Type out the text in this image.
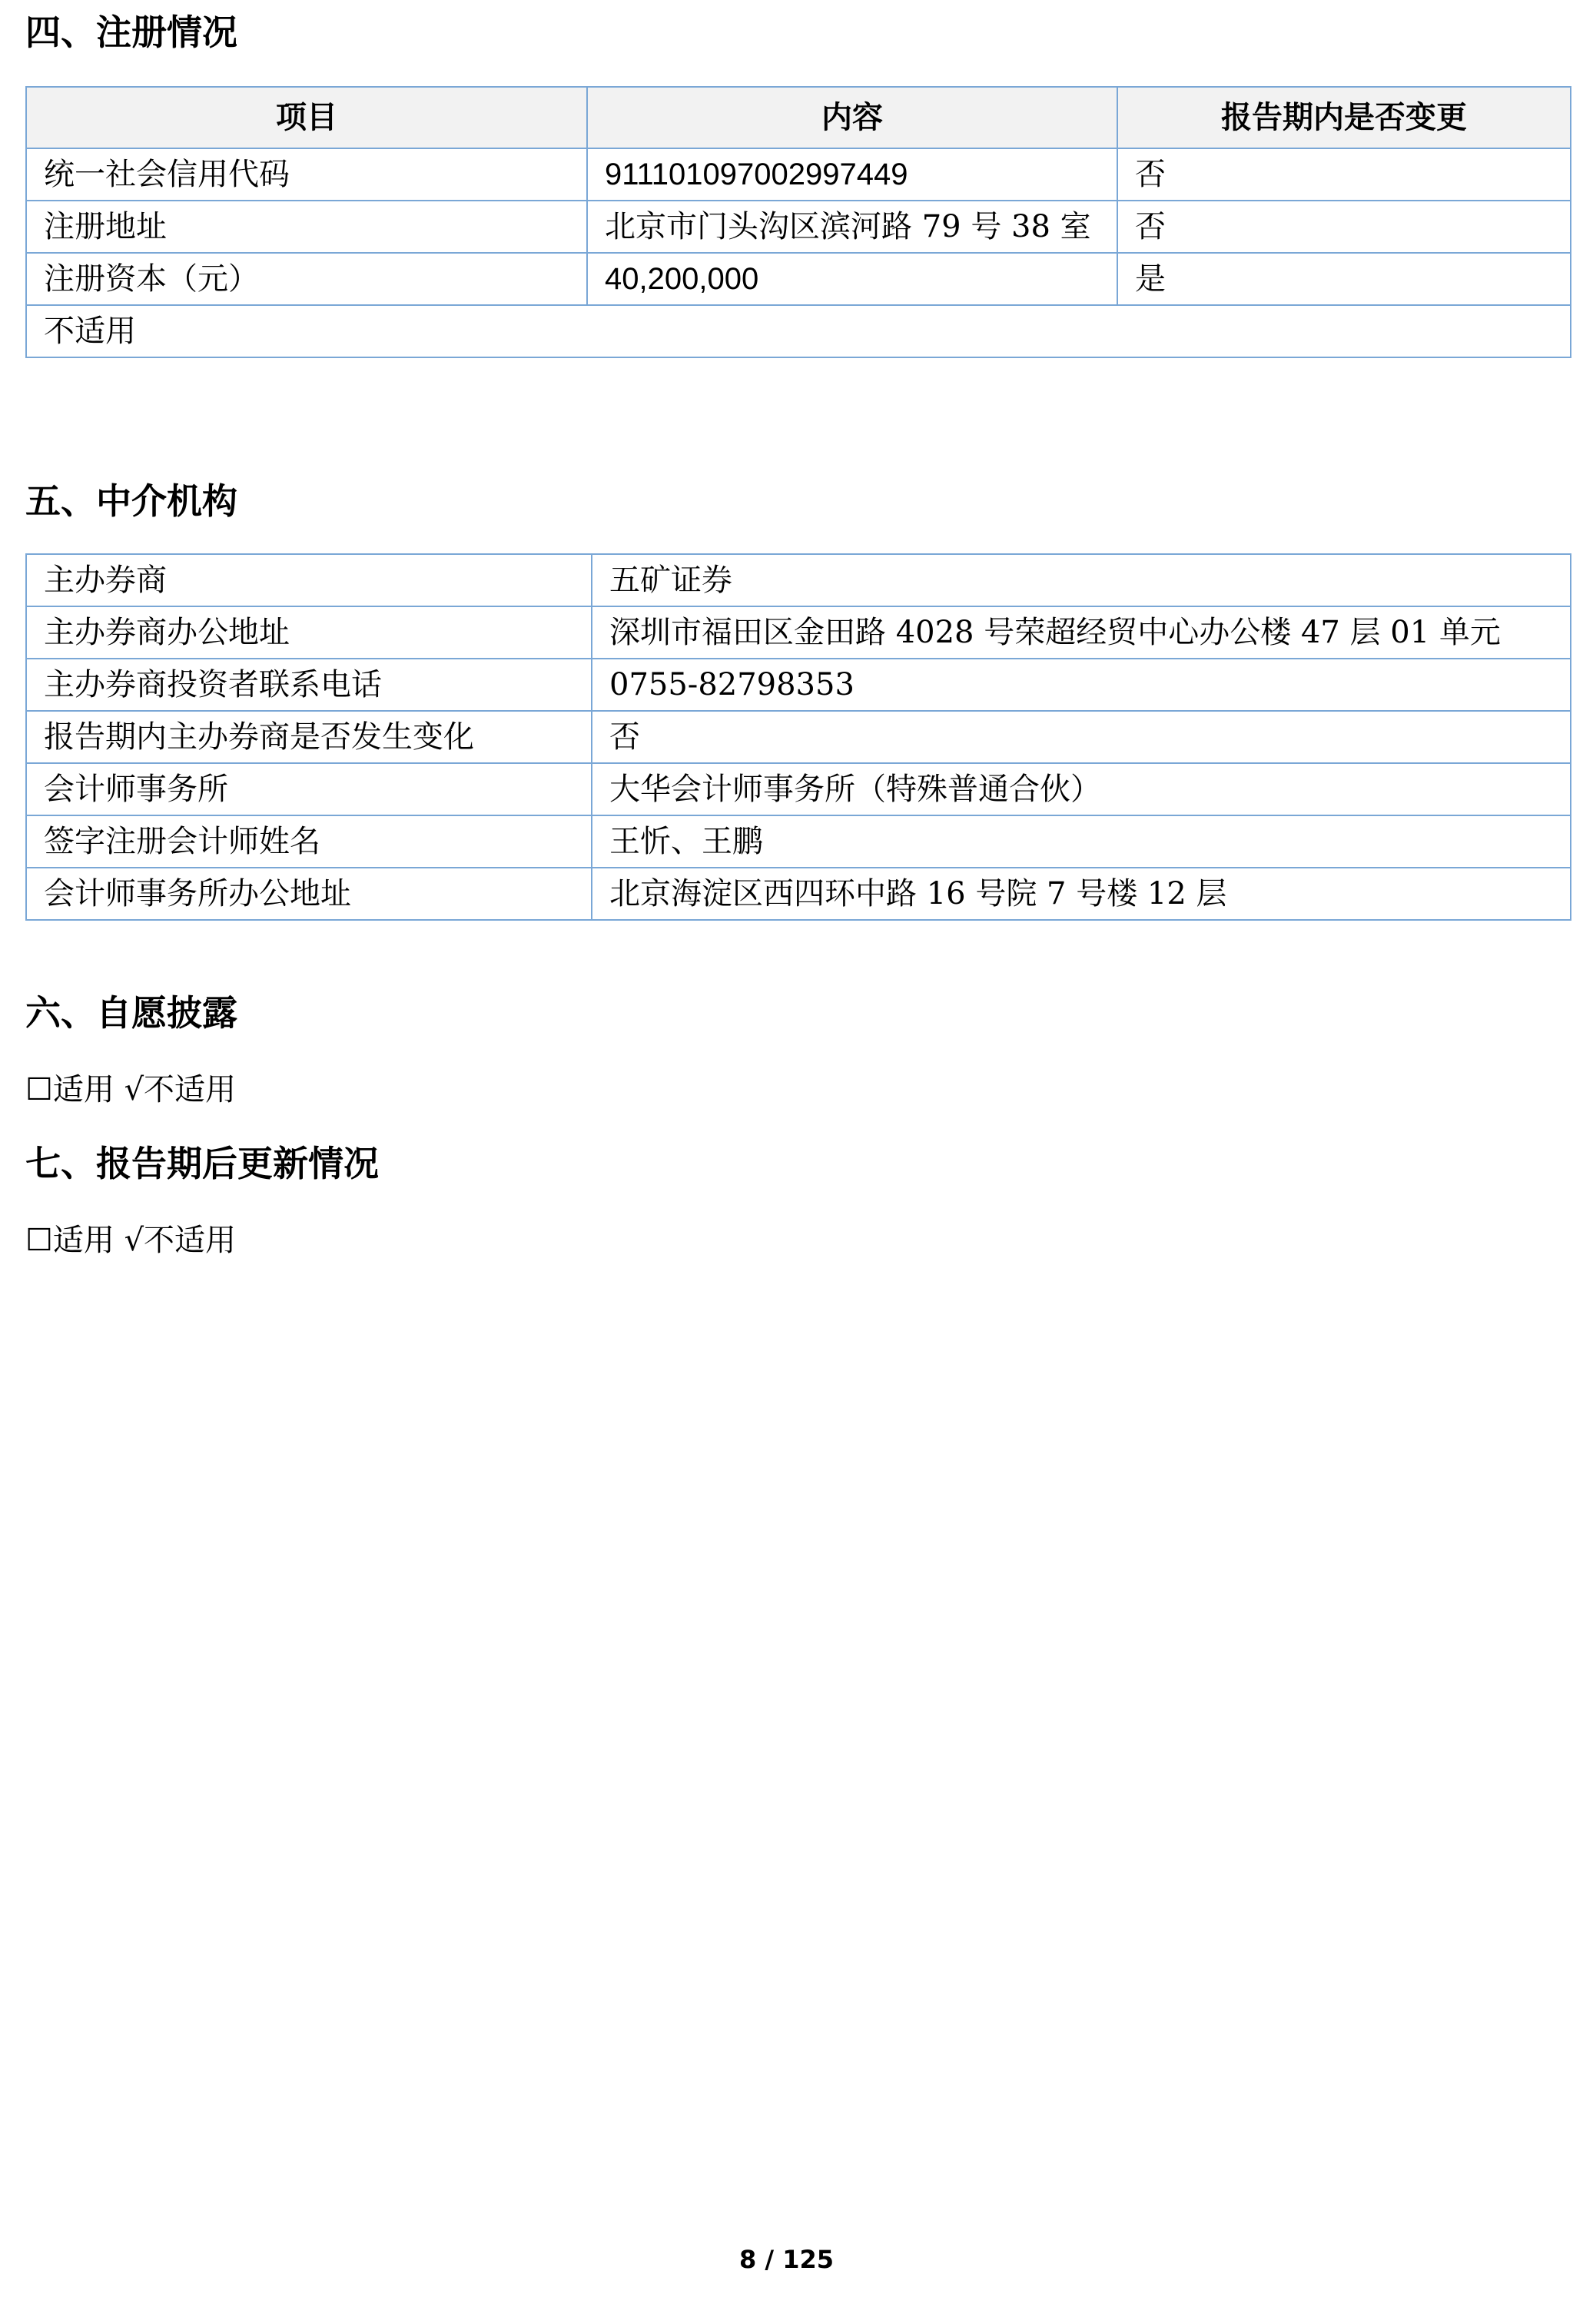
四、注册情况
项目	内容	报告期内是否变更
统一社会信用代码	911101097002997449	否
注册地址	北京市门头沟区滨河路 79 号 38 室	否
注册资本（元）	40,200,000	是
不适用		
五、中介机构
主办券商	五矿证券
主办券商办公地址	深圳市福田区金田路 4028 号荣超经贸中心办公楼 47 层 01 单元
主办券商投资者联系电话	0755-82798353
报告期内主办券商是否发生变化	否
会计师事务所	大华会计师事务所（特殊普通合伙）
签字注册会计师姓名	王忻、王鹏
会计师事务所办公地址	北京海淀区西四环中路 16 号院 7 号楼 12 层
六、自愿披露

☐适用 √不适用

七、报告期后更新情况

☐适用 √不适用

8 / 125
